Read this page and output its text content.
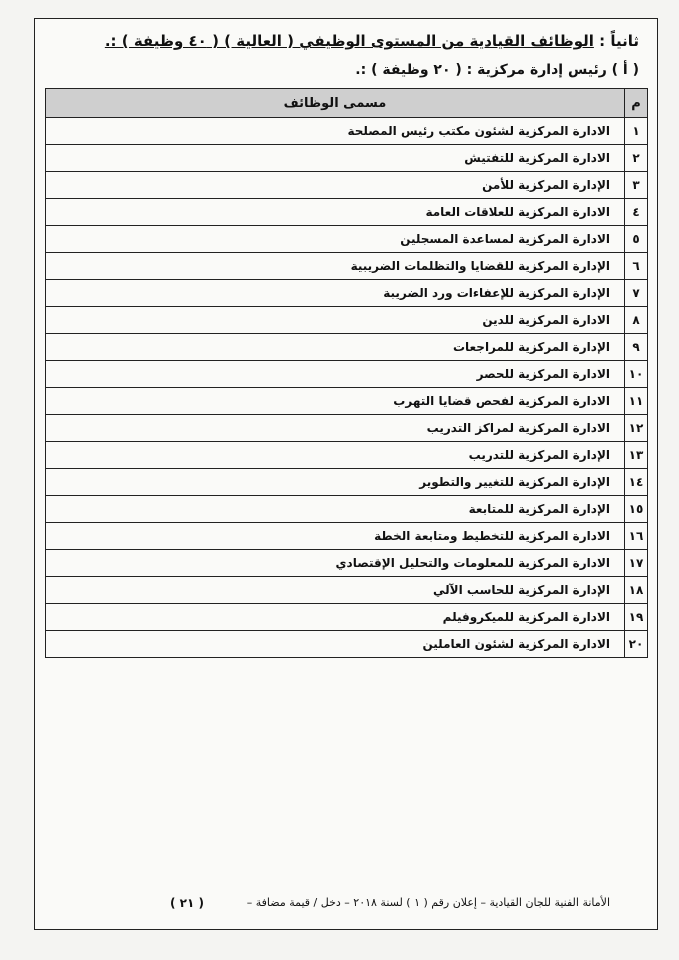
ثانياً : الوظائف القيادية من المستوى الوظيفي ( العالية ) ( ٤٠ وظيفة ) :.
( أ ) رئيس إدارة مركزية : ( ٢٠ وظيفة ) :.
م	مسمى الوظائف
١	الادارة المركزية لشئون مكتب رئيس المصلحة
٢	الادارة المركزية للتفتيش
٣	الإدارة المركزية للأمن
٤	الادارة المركزية للعلاقات العامة
٥	الادارة المركزية لمساعدة المسجلين
٦	الإدارة المركزية للقضايا والتظلمات الضريبية
٧	الإدارة المركزية للإعفاءات ورد الضريبة
٨	الادارة المركزية للدين
٩	الإدارة المركزية للمراجعات
١٠	الادارة المركزية للحصر
١١	الادارة المركزية لفحص قضايا التهرب
١٢	الادارة المركزية لمراكز التدريب
١٣	الإدارة المركزية للتدريب
١٤	الإدارة المركزية للتغيير والتطوير
١٥	الإدارة المركزية للمتابعة
١٦	الادارة المركزية للتخطيط ومتابعة الخطة
١٧	الادارة المركزية للمعلومات والتحليل الإقتصادي
١٨	الإدارة المركزية للحاسب الآلي
١٩	الادارة المركزية للميكروفيلم
٢٠	الادارة المركزية لشئون العاملين
الأمانة الفنية للجان القيادية – إعلان رقم ( ١ ) لسنة ٢٠١٨ – دخل / قيمة مضافة –
( ٢١ )
